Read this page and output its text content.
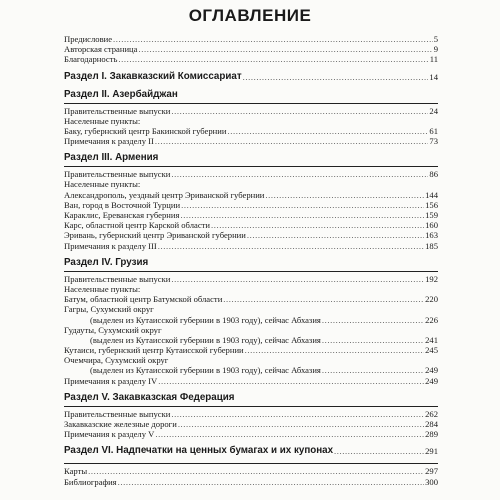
ОГЛАВЛЕНИЕ
Предисловие .....	5
Авторская страница .....	9
Благодарность .....	11
Раздел I. Закавказский Комиссариат .....	14
Раздел II. Азербайджан
Правительственные выпуски .....	24
Населенные пункты:
Баку, губернский центр Бакинской губернии .....	61
Примечания к разделу II .....	73
Раздел III. Армения
Правительственные выпуски .....	86
Населенные пункты:
Александрополь, уездный центр Эриванской губернии .....	144
Ван, город в Восточной Турции .....	156
Караклис, Ереванская губерния .....	159
Карс, областной центр Карской области .....	160
Эривань, губернский центр Эриванской губернии .....	163
Примечания к разделу III .....	185
Раздел IV. Грузия
Правительственные выпуски .....	192
Населенные пункты:
Батум, областной центр Батумской области .....	220
Гагры, Сухумский округ
(выделен из Кутаисской губернии в 1903 году), сейчас Абхазия .....	226
Гудауты, Сухумский округ
(выделен из Кутаисской губернии в 1903 году), сейчас Абхазия .....	241
Кутаиси, губернский центр Кутаисской губернии .....	245
Очемчира, Сухумский округ
(выделен из Кутаисской губернии в 1903 году), сейчас Абхазия .....	249
Примечания к разделу IV .....	249
Раздел V. Закавказская Федерация
Правительственные выпуски .....	262
Закавказские железные дороги .....	284
Примечания к разделу V .....	289
Раздел VI. Надпечатки на ценных бумагах и их купонах .....	291
Карты .....	297
Библиография .....	300
